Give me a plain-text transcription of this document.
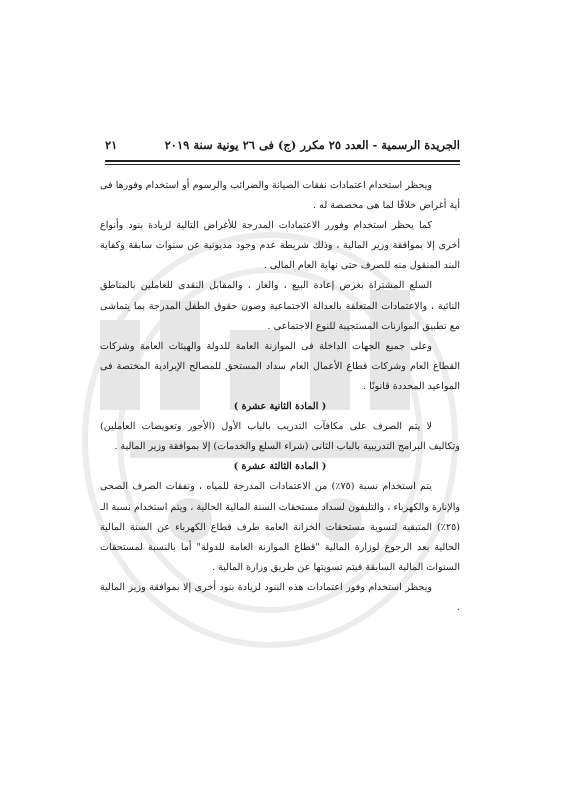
الجريدة الرسمية - العدد ٢٥ مكرر (ج) فى ٢٦ يونية سنة ٢٠١٩
٢١

ويحظر استخدام اعتمادات نفقات الصيانة والضرائب والرسوم أو استخدام وفورها فى أية أغراض خلافًا لما هى مخصصة له .

كما يحظر استخدام وفورر الاعتمادات المدرجة للأغراض التالية لزيادة بنود وأنواع أخرى إلا بموافقة وزير المالية ، وذلك شريطة عدم وجود مديونية عن سنوات سابقة وكفاية البند المنقول منه للصرف حتى نهاية العام المالى .

السلع المشتراة بغرض إعادة البيع ، والغاز ، والمقابل النقدى للعاملين بالمناطق النائية ، والاعتمادات المتعلقة بالعدالة الاجتماعية وصون حقوق الطفل المدرجة بما يتماشى مع تطبيق الموازنات المستجيبة للنوع الاجتماعى .

وعلى جميع الجهات الداخلة فى الموازنة العامة للدولة والهيئات العامة وشركات القطاع العام وشركات قطاع الأعمال العام سداد المستحق للمصالح الإيرادية المختصة فى المواعيد المحددة قانونًا .

( المادة الثانية عشرة )

لا يتم الصرف على مكافآت التدريب بالباب الأول (الأجور وتعويضات العاملين) وتكاليف البرامج التدريبية بالباب الثانى (شراء السلع والخدمات) إلا بموافقة وزير المالية .

( المادة الثالثة عشرة )

يتم استخدام نسبة (٧٥٪) من الاعتمادات المدرجة للمياه ، ونفقات الصرف الصحى والإنارة والكهرباء ، والتليفون لسداد مستحقات السنة المالية الحالية ، ويتم استخدام نسبة الـ (٢٥٪) المتبقية لتسوية مستحقات الخزانة العامة طرف قطاع الكهرباء عن السنة المالية الحالية بعد الرجوع لوزارة المالية "قطاع الموازنة العامة للدولة" أما بالنسبة لمستحقات السنوات المالية السابقة فيتم تسويتها عن طريق وزارة المالية .

ويحظر استخدام وفور اعتمادات هذه البنود لزيادة بنود أخرى إلا بموافقة وزير المالية .
